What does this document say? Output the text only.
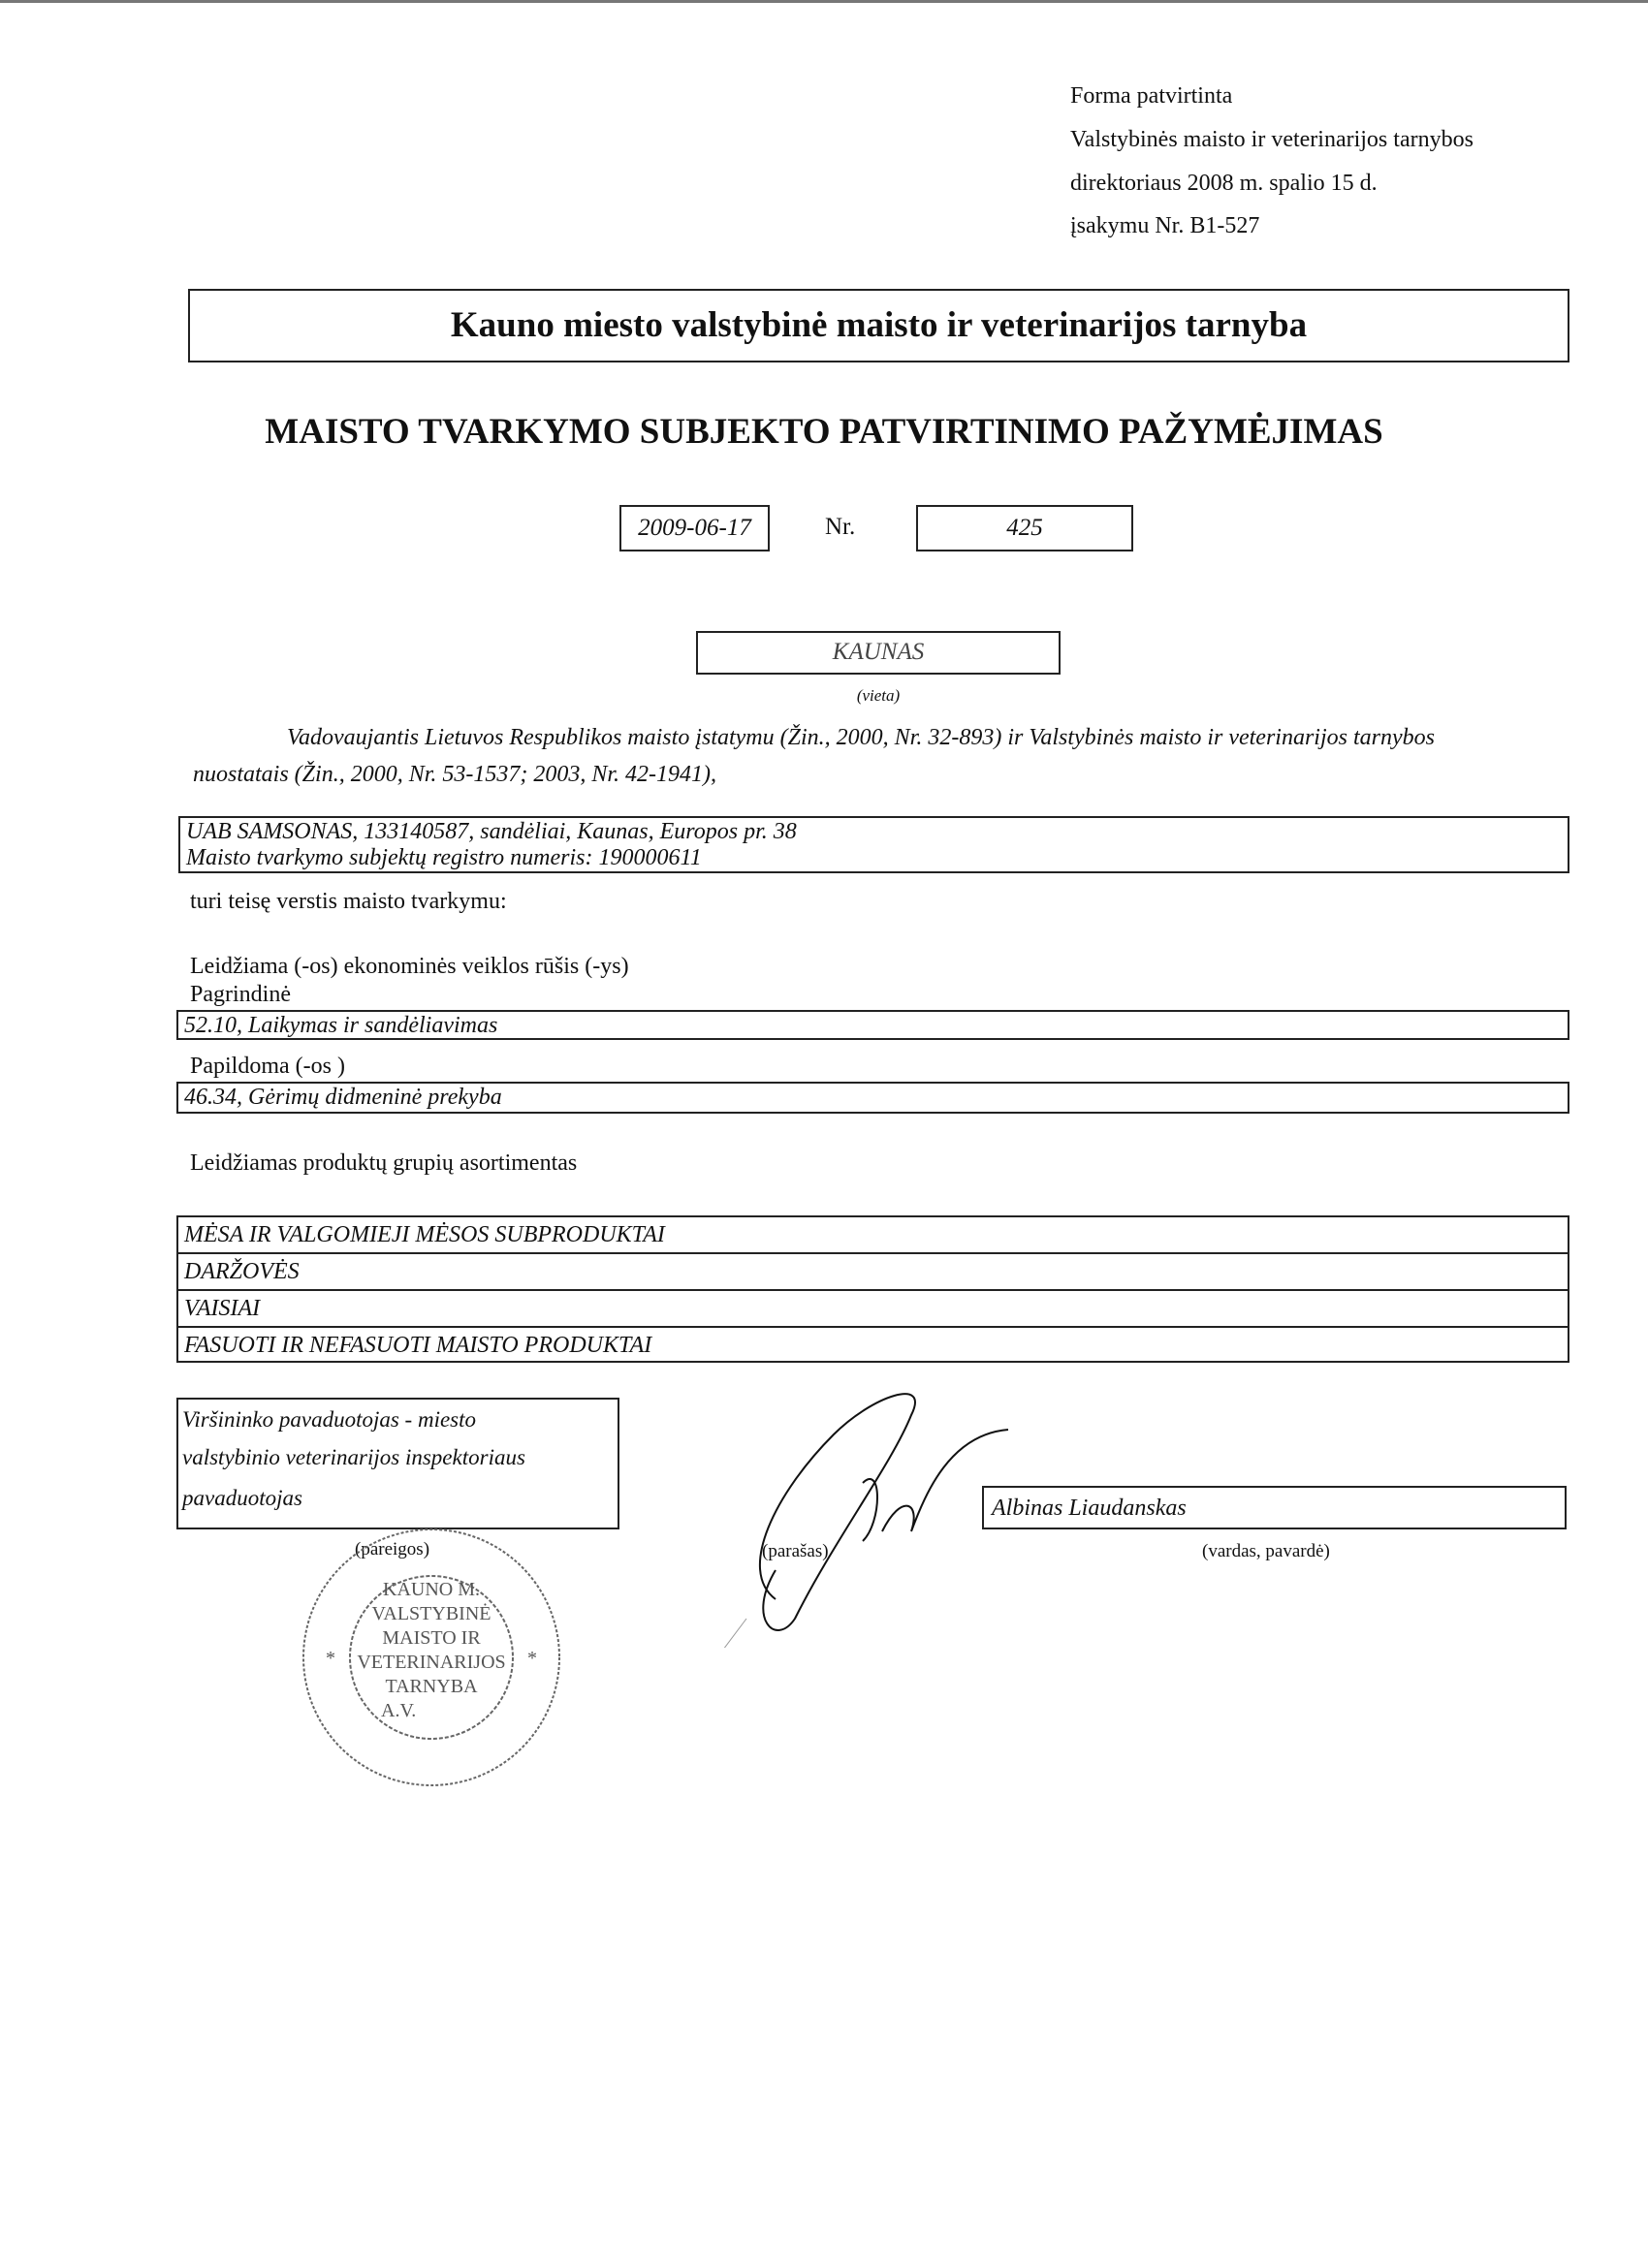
Forma patvirtinta
Valstybinės maisto ir veterinarijos tarnybos
direktoriaus 2008 m. spalio 15 d.
įsakymu Nr. B1-527
Kauno miesto valstybinė maisto ir veterinarijos tarnyba
MAISTO TVARKYMO SUBJEKTO PATVIRTINIMO PAŽYMĖJIMAS
2009-06-17	Nr.	425
KAUNAS
(vieta)
Vadovaujantis Lietuvos Respublikos maisto įstatymu (Žin., 2000, Nr. 32-893) ir Valstybinės maisto ir veterinarijos tarnybos
nuostatais (Žin., 2000, Nr. 53-1537; 2003, Nr. 42-1941),
UAB SAMSONAS, 133140587, sandėliai, Kaunas, Europos pr. 38
Maisto tvarkymo subjektų registro numeris: 190000611
turi teisę verstis maisto tvarkymu:
Leidžiama (-os) ekonominės veiklos rūšis (-ys)
Pagrindinė
52.10, Laikymas ir sandėliavimas
Papildoma (-os )
46.34, Gėrimų didmeninė prekyba
Leidžiamas produktų grupių asortimentas
MĖSA IR VALGOMIEJI MĖSOS SUBPRODUKTAI
DARŽOVĖS
VAISIAI
FASUOTI IR NEFASUOTI MAISTO PRODUKTAI
Viršininko pavaduotojas - miesto
valstybinio veterinarijos inspektoriaus
pavaduotojas
(pareigos)
*	*
KAUNO M.
VALSTYBINĖ
MAISTO IR
VETERINARIJOS
TARNYBA
A.V.
(parašas)
Albinas Liaudanskas
(vardas, pavardė)
